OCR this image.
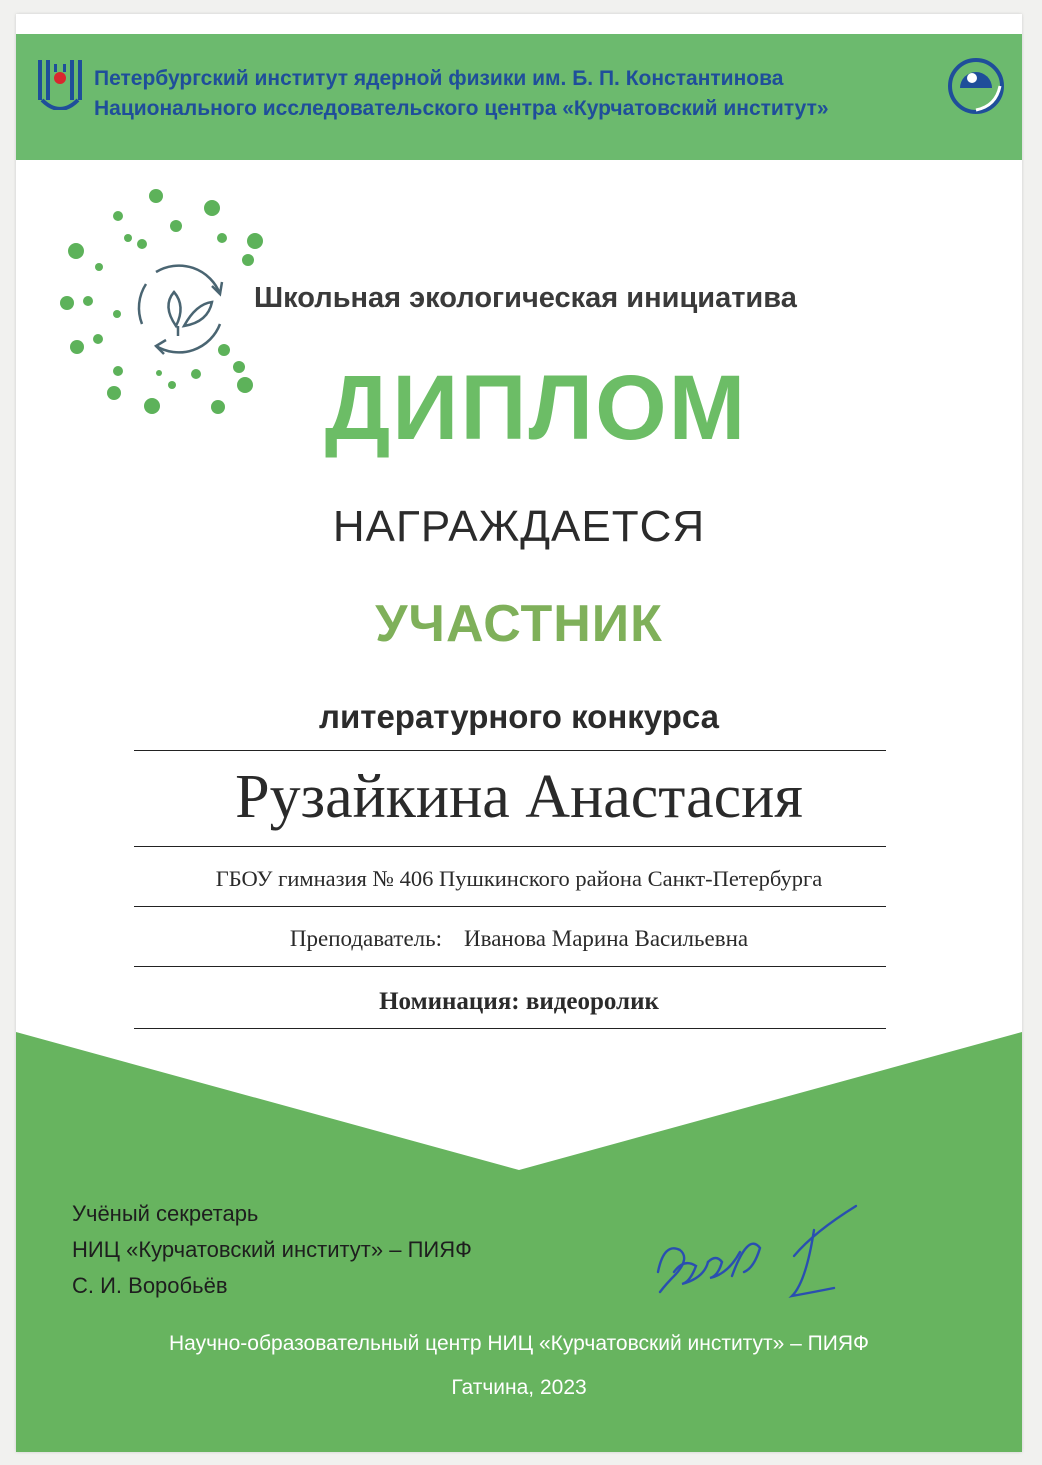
Петербургский институт ядерной физики им. Б. П. Константинова
Национального исследовательского центра «Курчатовский институт»
Школьная экологическая инициатива
ДИПЛОМ
НАГРАЖДАЕТСЯ
УЧАСТНИК
литературного конкурса
Рузайкина Анастасия
ГБОУ гимназия № 406 Пушкинского района Санкт-Петербурга
Преподаватель: Иванова Марина Васильевна
Номинация: видеоролик
Учёный секретарь
НИЦ «Курчатовский институт» – ПИЯФ
С. И. Воробьёв
Научно-образовательный центр НИЦ «Курчатовский институт» – ПИЯФ
Гатчина, 2023
